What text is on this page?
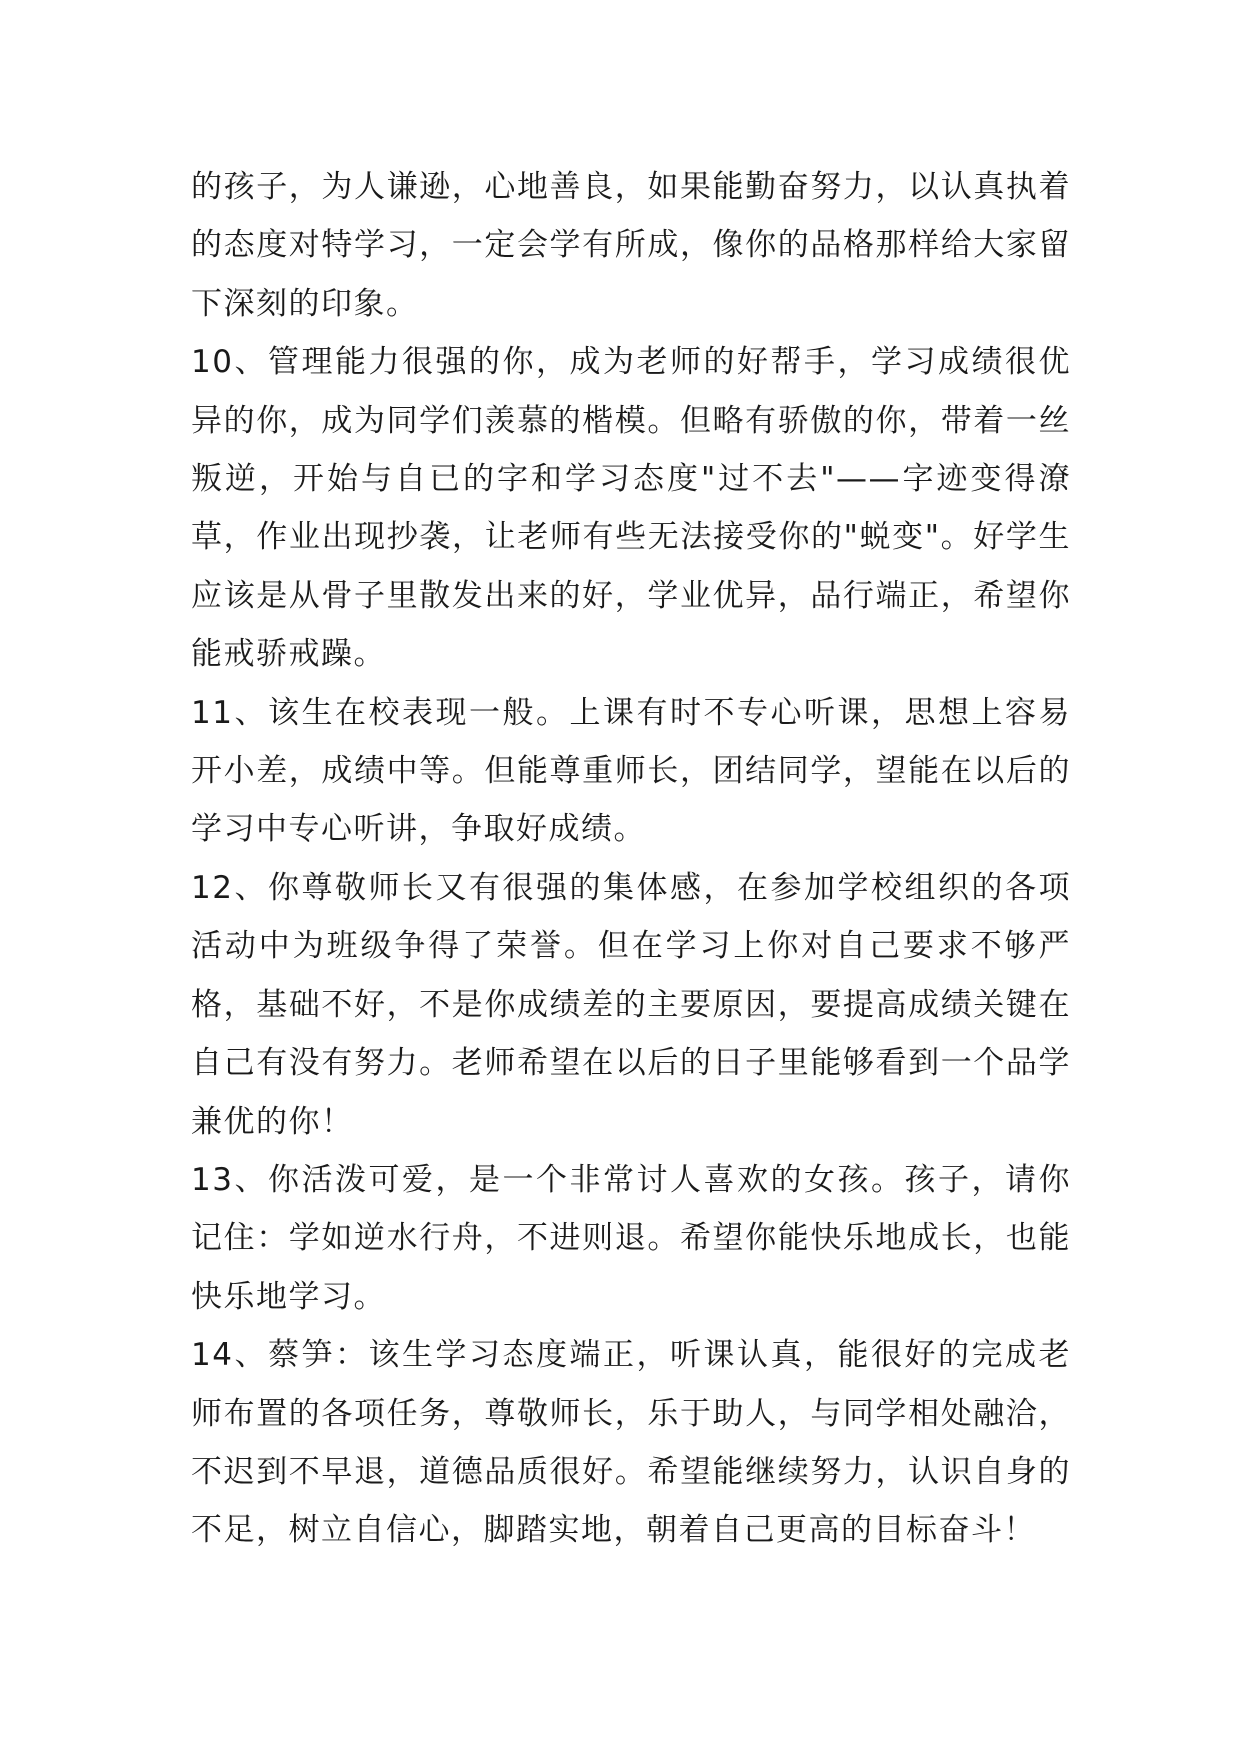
的孩子，为人谦逊，心地善良，如果能勤奋努力，以认真执着的态度对特学习，一定会学有所成，像你的品格那样给大家留下深刻的印象。

10、管理能力很强的你，成为老师的好帮手，学习成绩很优异的你，成为同学们羡慕的楷模。但略有骄傲的你，带着一丝叛逆，开始与自已的字和学习态度"过不去"——字迹变得潦草，作业出现抄袭，让老师有些无法接受你的"蜕变"。好学生应该是从骨子里散发出来的好，学业优异，品行端正，希望你能戒骄戒躁。

11、该生在校表现一般。上课有时不专心听课，思想上容易开小差，成绩中等。但能尊重师长，团结同学，望能在以后的学习中专心听讲，争取好成绩。

12、你尊敬师长又有很强的集体感，在参加学校组织的各项活动中为班级争得了荣誉。但在学习上你对自己要求不够严格，基础不好，不是你成绩差的主要原因，要提高成绩关键在自己有没有努力。老师希望在以后的日子里能够看到一个品学兼优的你！

13、你活泼可爱，是一个非常讨人喜欢的女孩。孩子，请你记住：学如逆水行舟，不进则退。希望你能快乐地成长，也能快乐地学习。

14、蔡笋：该生学习态度端正，听课认真，能很好的完成老师布置的各项任务，尊敬师长，乐于助人，与同学相处融洽，不迟到不早退，道德品质很好。希望能继续努力，认识自身的不足，树立自信心，脚踏实地，朝着自己更高的目标奋斗！
